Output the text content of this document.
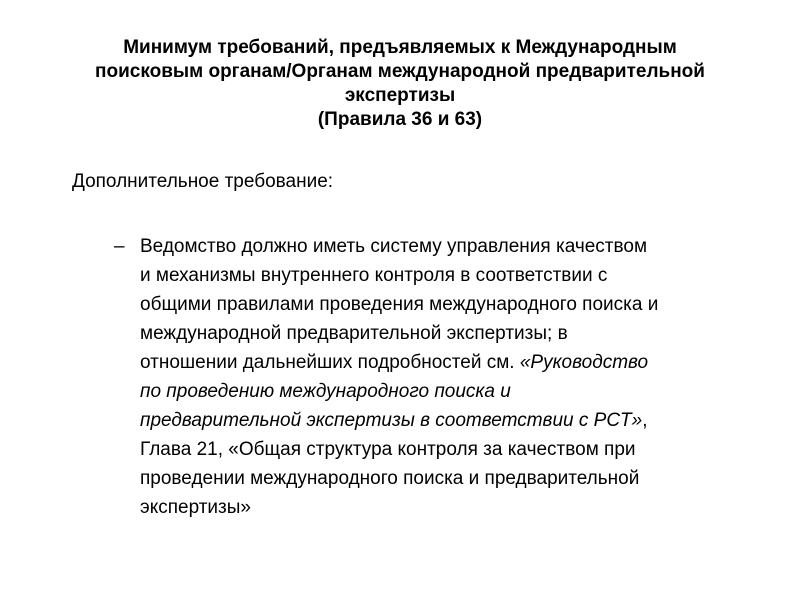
Минимум требований, предъявляемых к Международным
поисковым органам/Органам международной предварительной
экспертизы
(Правила 36 и 63)
Дополнительное требование:
– Ведомство должно иметь систему управления качеством
и механизмы внутреннего контроля в соответствии с
общими правилами проведения международного поиска и
международной предварительной экспертизы; в
отношении дальнейших подробностей см. «Руководство
по проведению международного поиска и
предварительной экспертизы в соответствии с PCT»,
Глава 21, «Общая структура контроля за качеством при
проведении международного поиска и предварительной
экспертизы»
